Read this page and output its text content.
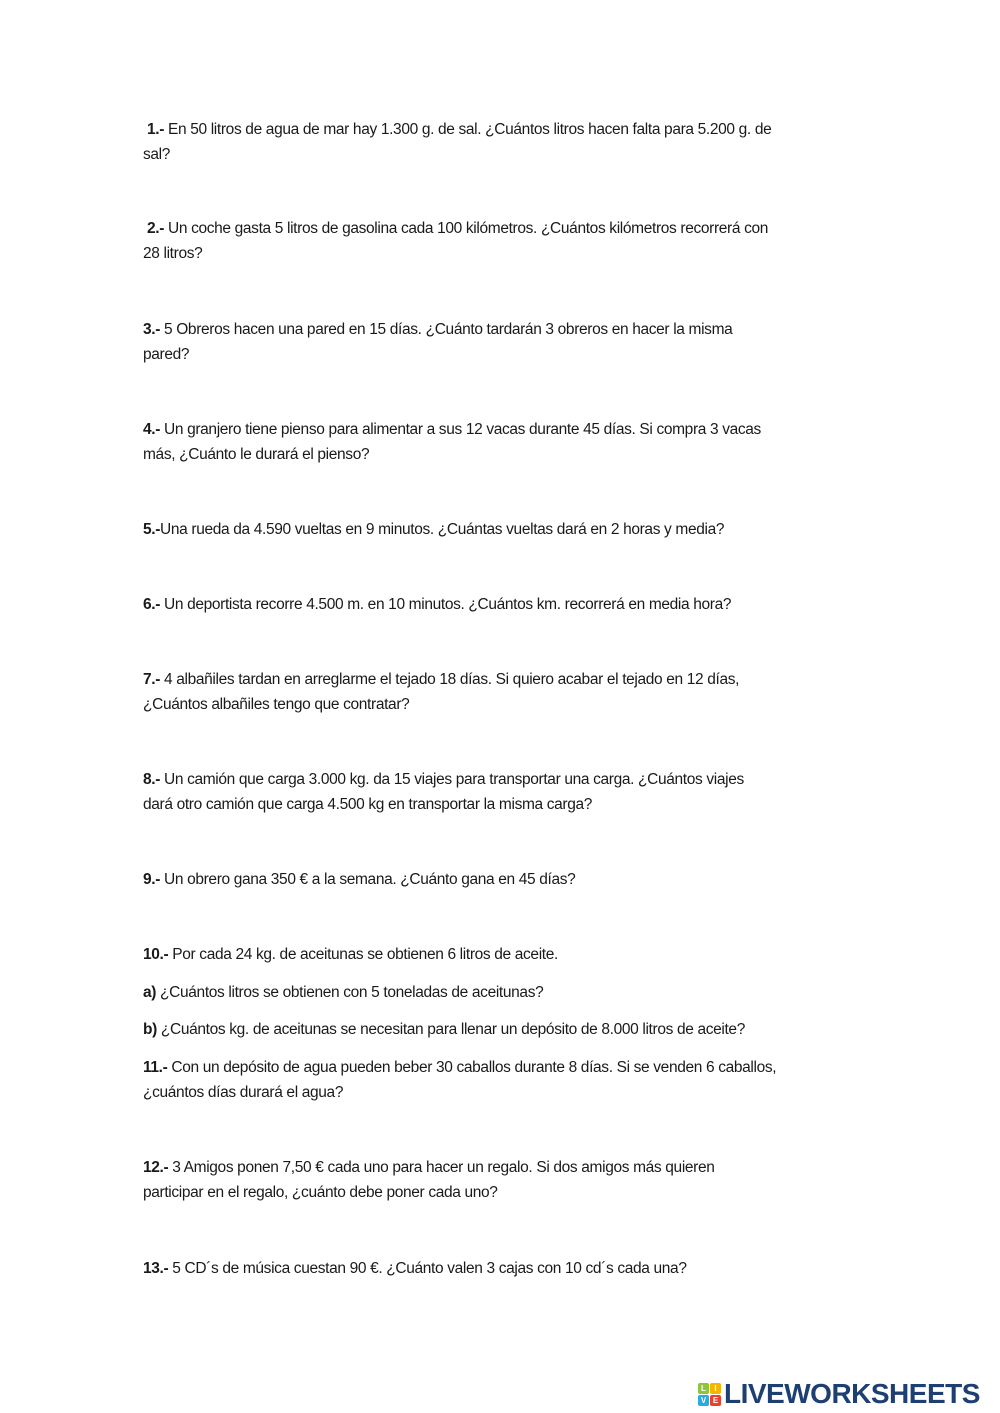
1.- En 50 litros de agua de mar hay 1.300 g. de sal. ¿Cuántos litros hacen falta para 5.200 g. de
sal?
2.- Un coche gasta 5 litros de gasolina cada 100 kilómetros. ¿Cuántos kilómetros recorrerá con
28 litros?
3.- 5 Obreros hacen una pared en 15 días. ¿Cuánto tardarán 3 obreros en hacer la misma
pared?
4.- Un granjero tiene pienso para alimentar a sus 12 vacas durante 45 días. Si compra 3 vacas
más, ¿Cuánto le durará el pienso?
5.-Una rueda da 4.590 vueltas en 9 minutos. ¿Cuántas vueltas dará en 2 horas y media?
6.- Un deportista recorre 4.500 m. en 10 minutos. ¿Cuántos km. recorrerá en media hora?
7.- 4 albañiles tardan en arreglarme el tejado 18 días. Si quiero acabar el tejado en 12 días,
¿Cuántos albañiles tengo que contratar?
8.- Un camión que carga 3.000 kg. da 15 viajes para transportar una carga. ¿Cuántos viajes
dará otro camión que carga 4.500 kg en transportar la misma carga?
9.- Un obrero gana 350 € a la semana. ¿Cuánto gana en 45 días?
10.- Por cada 24 kg. de aceitunas se obtienen 6 litros de aceite.
a) ¿Cuántos litros se obtienen con 5 toneladas de aceitunas?
b) ¿Cuántos kg. de aceitunas se necesitan para llenar un depósito de 8.000 litros de aceite?
11.- Con un depósito de agua pueden beber 30 caballos durante 8 días. Si se venden 6 caballos,
¿cuántos días durará el agua?
12.- 3 Amigos ponen 7,50 € cada uno para hacer un regalo. Si dos amigos más quieren
participar en el regalo, ¿cuánto debe poner cada uno?
13.- 5 CD´s de música cuestan 90 €. ¿Cuánto valen 3 cajas con 10 cd´s cada una?
L	I
V E LIVEWORKSHEETS
